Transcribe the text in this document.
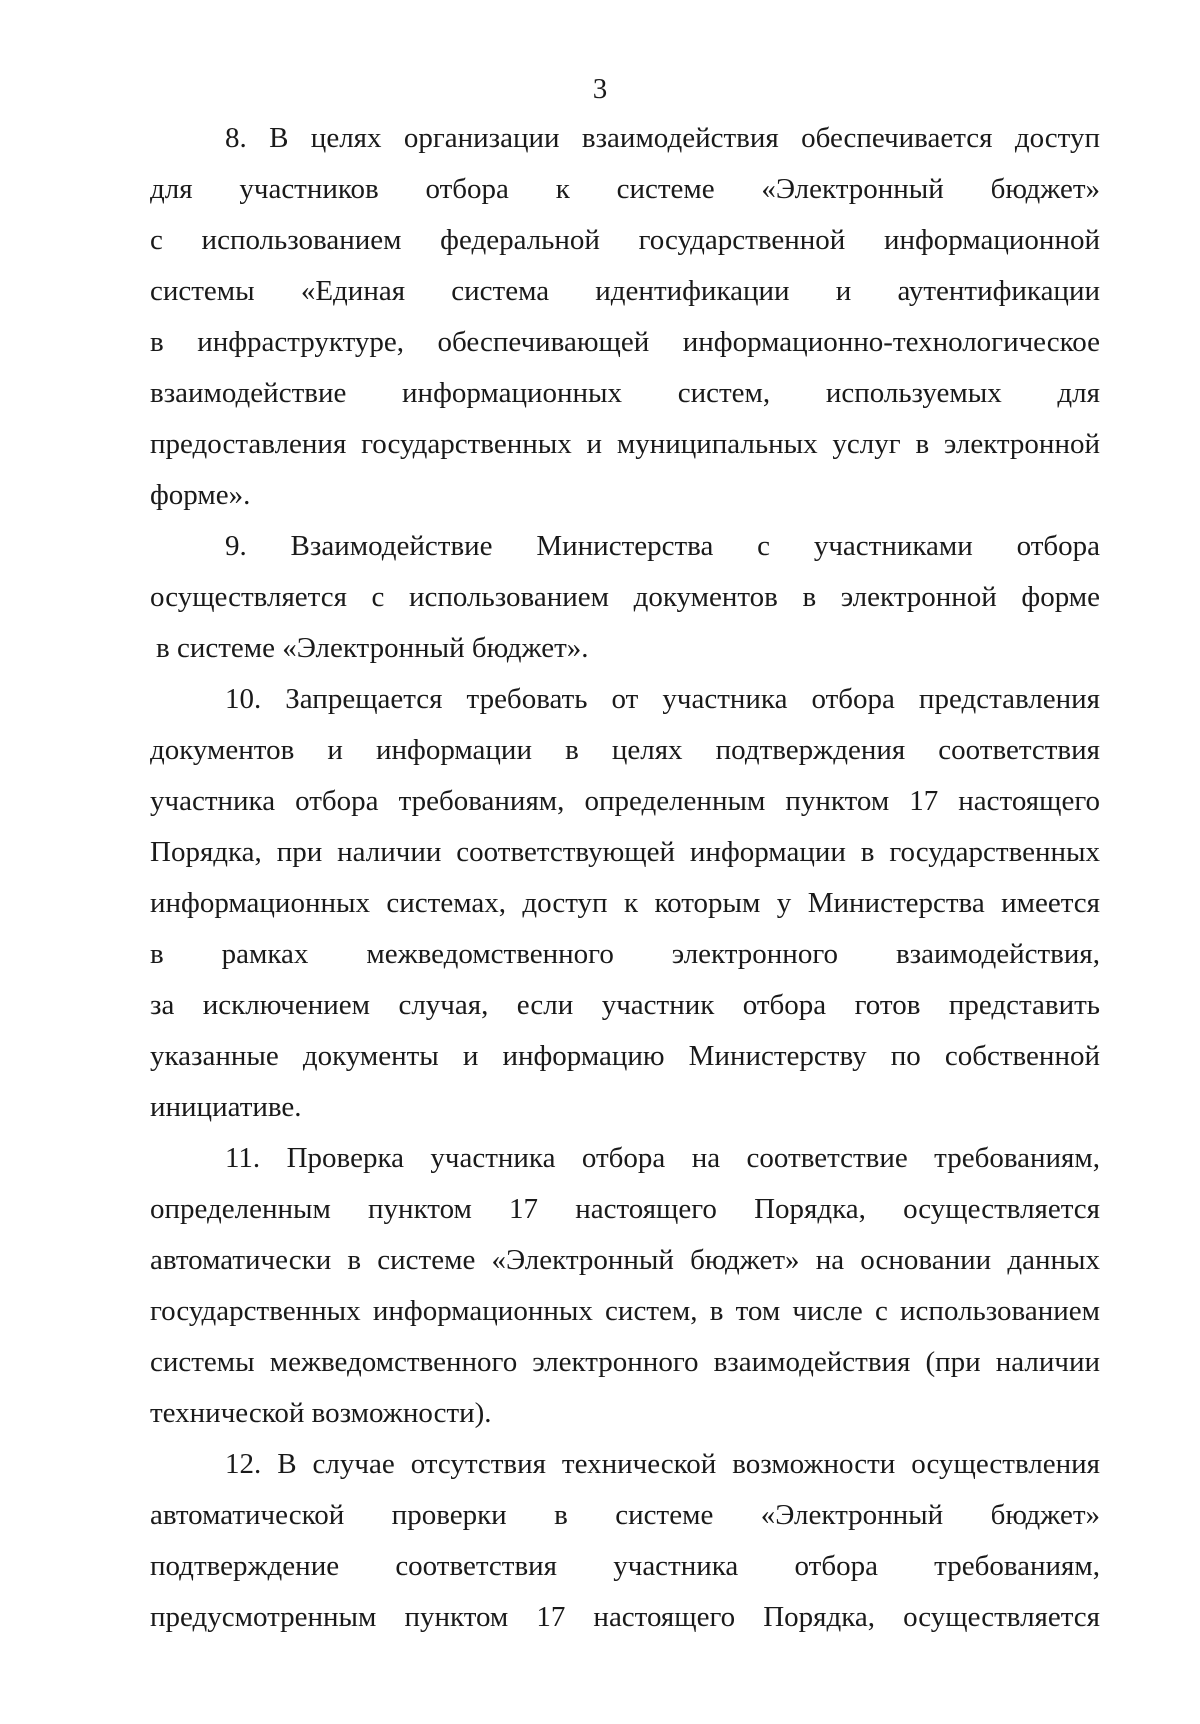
3
8. В целях организации взаимодействия обеспечивается доступ
для участников отбора к системе «Электронный бюджет»
с использованием федеральной государственной информационной
системы «Единая система идентификации и аутентификации
в инфраструктуре, обеспечивающей информационно-технологическое
взаимодействие информационных систем, используемых для
предоставления государственных и муниципальных услуг в электронной
форме».
9. Взаимодействие Министерства с участниками отбора
осуществляется с использованием документов в электронной форме
в системе «Электронный бюджет».
10. Запрещается требовать от участника отбора представления
документов и информации в целях подтверждения соответствия
участника отбора требованиям, определенным пунктом 17 настоящего
Порядка, при наличии соответствующей информации в государственных
информационных системах, доступ к которым у Министерства имеется
в рамках межведомственного электронного взаимодействия,
за исключением случая, если участник отбора готов представить
указанные документы и информацию Министерству по собственной
инициативе.
11. Проверка участника отбора на соответствие требованиям,
определенным пунктом 17 настоящего Порядка, осуществляется
автоматически в системе «Электронный бюджет» на основании данных
государственных информационных систем, в том числе с использованием
системы межведомственного электронного взаимодействия (при наличии
технической возможности).
12. В случае отсутствия технической возможности осуществления
автоматической проверки в системе «Электронный бюджет»
подтверждение соответствия участника отбора требованиям,
предусмотренным пунктом 17 настоящего Порядка, осуществляется
